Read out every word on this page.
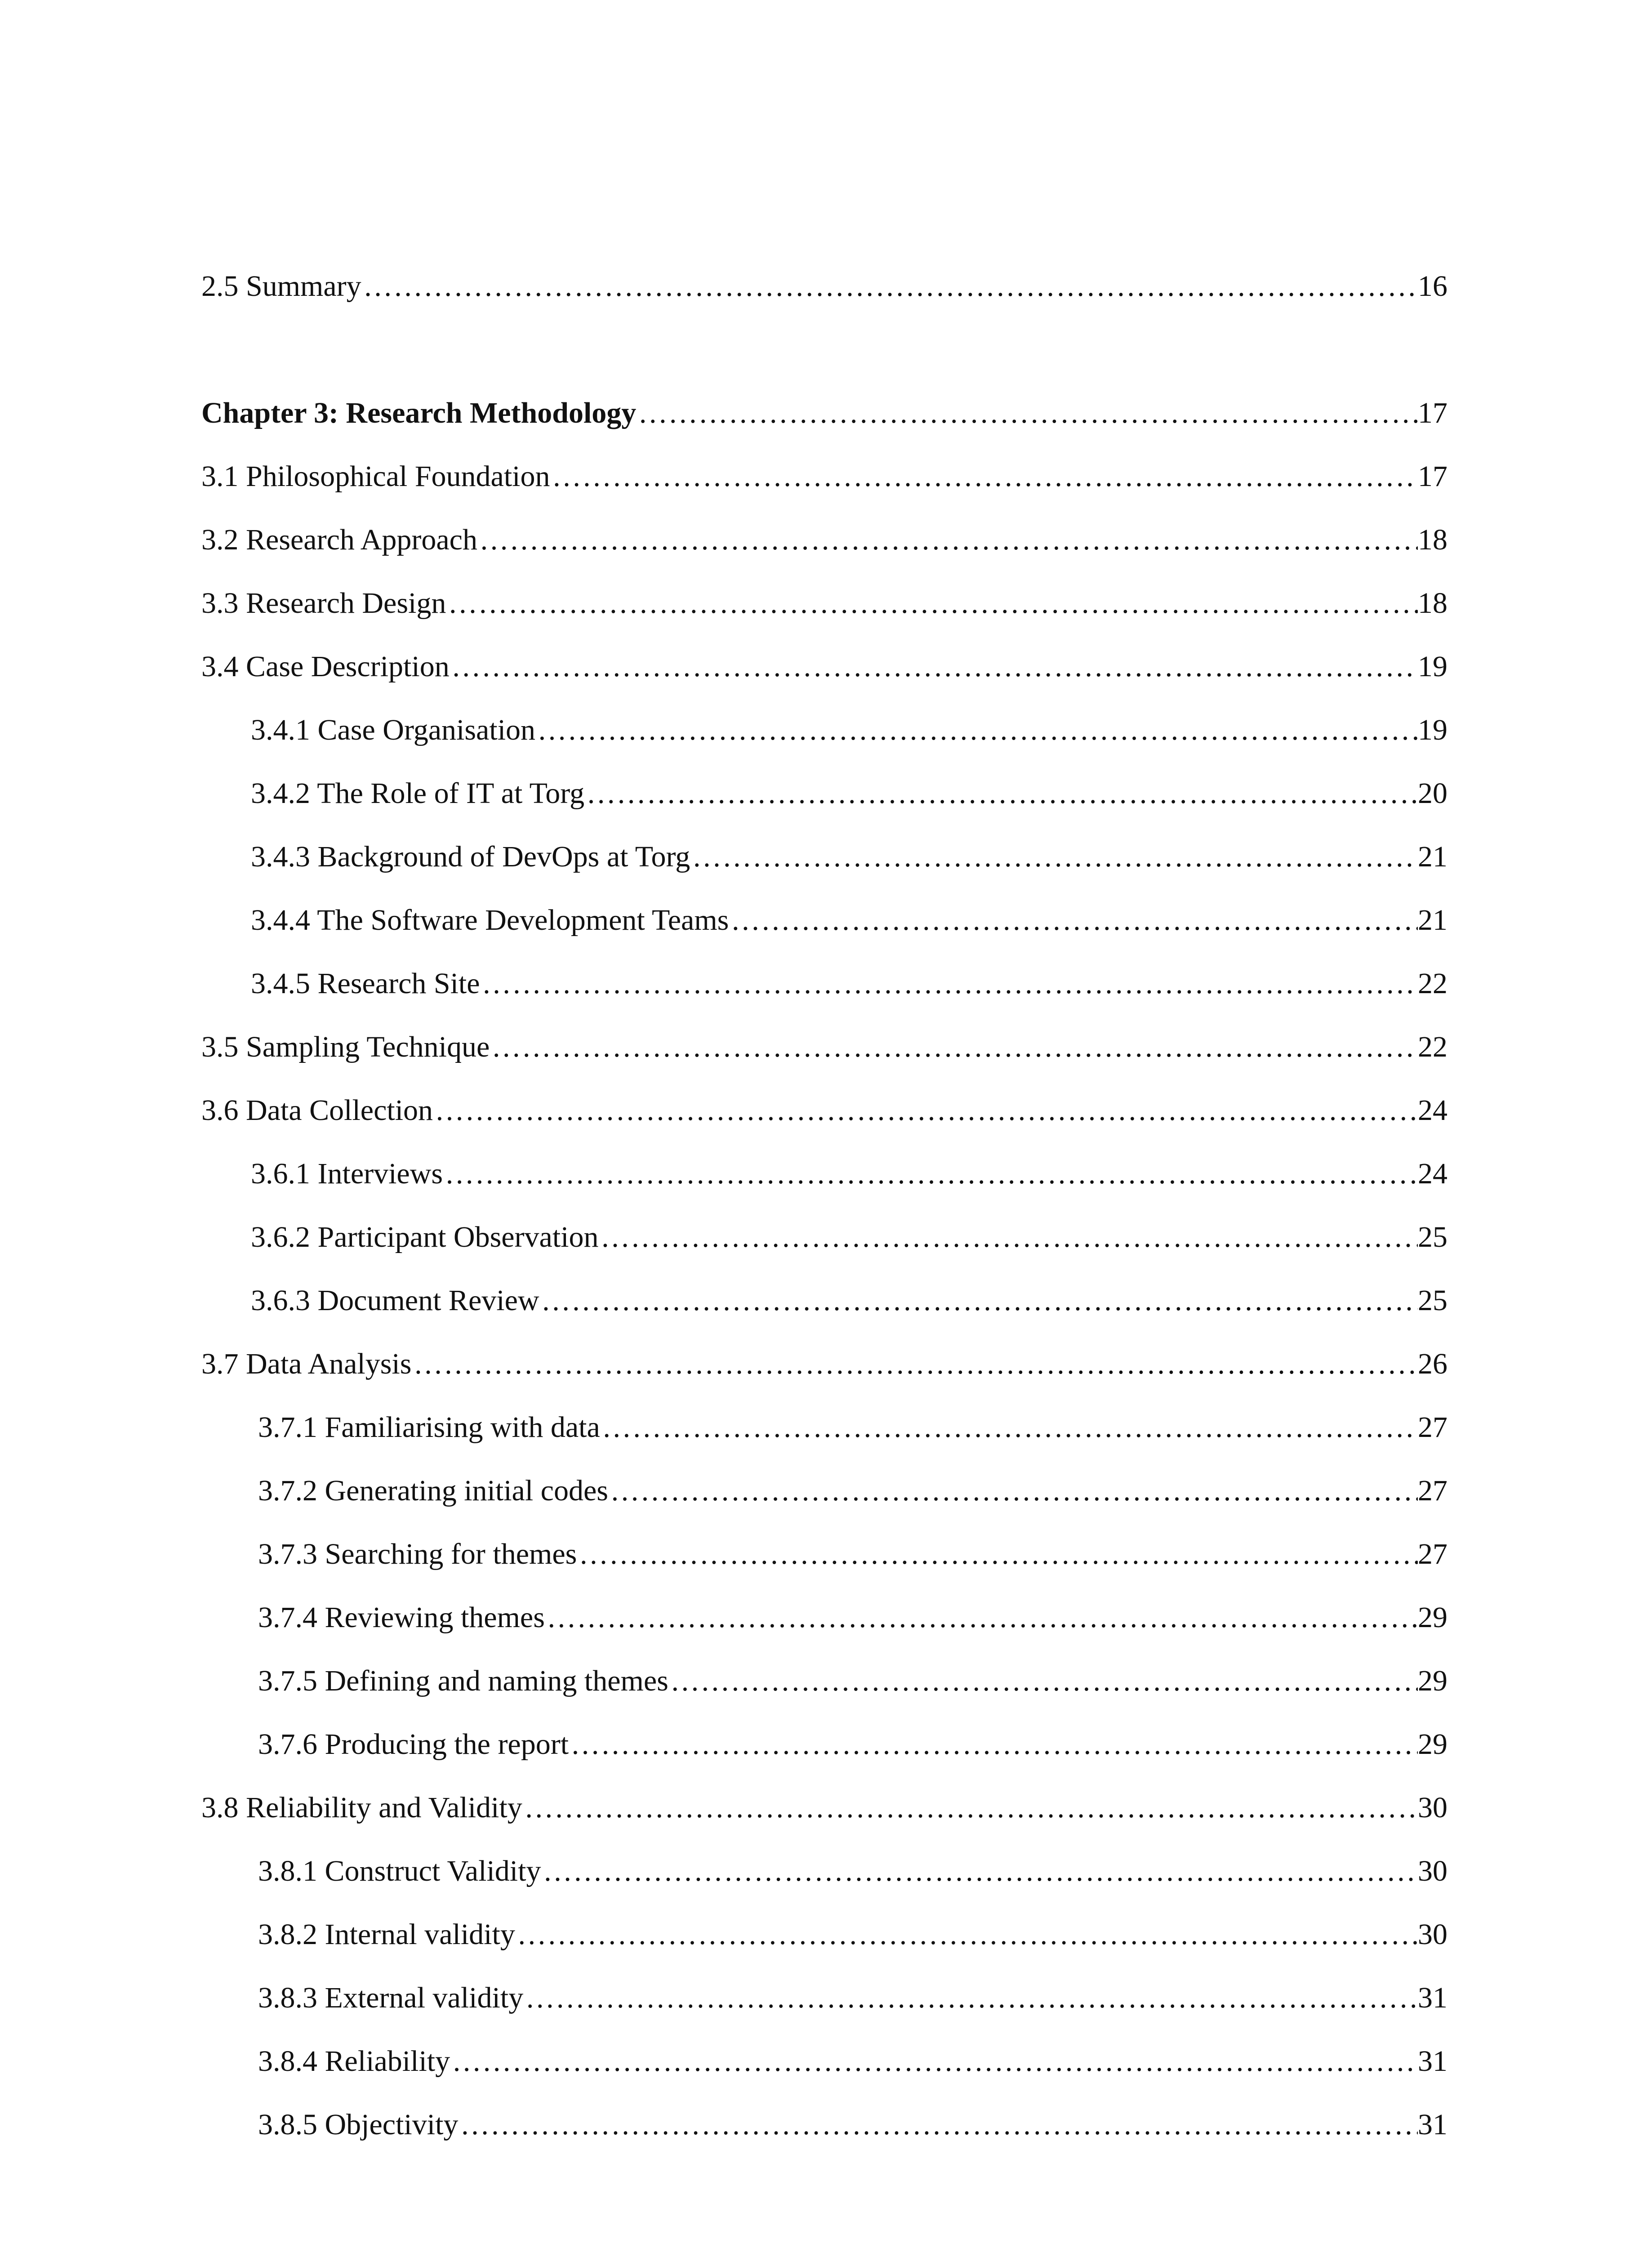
2.5 Summary ………………………………………………………………………………………………………………………………………………………………………………………………………………………………	16
Chapter 3: Research Methodology ………………………………………………………………………………………………………………………………………………………………………………………………………………………………	17
3.1 Philosophical Foundation ………………………………………………………………………………………………………………………………………………………………………………………………………………………………	17
3.2 Research Approach ………………………………………………………………………………………………………………………………………………………………………………………………………………………………	18
3.3 Research Design ………………………………………………………………………………………………………………………………………………………………………………………………………………………………	18
3.4 Case Description ………………………………………………………………………………………………………………………………………………………………………………………………………………………………	19
3.4.1 Case Organisation ………………………………………………………………………………………………………………………………………………………………………………………………………………………………	19
3.4.2 The Role of IT at Torg ………………………………………………………………………………………………………………………………………………………………………………………………………………………………	20
3.4.3 Background of DevOps at Torg ………………………………………………………………………………………………………………………………………………………………………………………………………………………………	21
3.4.4 The Software Development Teams ………………………………………………………………………………………………………………………………………………………………………………………………………………………………	21
3.4.5 Research Site ………………………………………………………………………………………………………………………………………………………………………………………………………………………………	22
3.5 Sampling Technique ………………………………………………………………………………………………………………………………………………………………………………………………………………………………	22
3.6 Data Collection ………………………………………………………………………………………………………………………………………………………………………………………………………………………………	24
3.6.1 Interviews ………………………………………………………………………………………………………………………………………………………………………………………………………………………………	24
3.6.2 Participant Observation ………………………………………………………………………………………………………………………………………………………………………………………………………………………………	25
3.6.3 Document Review ………………………………………………………………………………………………………………………………………………………………………………………………………………………………	25
3.7 Data Analysis ………………………………………………………………………………………………………………………………………………………………………………………………………………………………	26
3.7.1 Familiarising with data ………………………………………………………………………………………………………………………………………………………………………………………………………………………………	27
3.7.2 Generating initial codes ………………………………………………………………………………………………………………………………………………………………………………………………………………………………	27
3.7.3 Searching for themes ………………………………………………………………………………………………………………………………………………………………………………………………………………………………	27
3.7.4 Reviewing themes ………………………………………………………………………………………………………………………………………………………………………………………………………………………………	29
3.7.5 Defining and naming themes ………………………………………………………………………………………………………………………………………………………………………………………………………………………………	29
3.7.6 Producing the report ………………………………………………………………………………………………………………………………………………………………………………………………………………………………	29
3.8 Reliability and Validity ………………………………………………………………………………………………………………………………………………………………………………………………………………………………	30
3.8.1 Construct Validity ………………………………………………………………………………………………………………………………………………………………………………………………………………………………	30
3.8.2 Internal validity ………………………………………………………………………………………………………………………………………………………………………………………………………………………………	30
3.8.3 External validity ………………………………………………………………………………………………………………………………………………………………………………………………………………………………	31
3.8.4 Reliability ………………………………………………………………………………………………………………………………………………………………………………………………………………………………	31
3.8.5 Objectivity ………………………………………………………………………………………………………………………………………………………………………………………………………………………………	31
